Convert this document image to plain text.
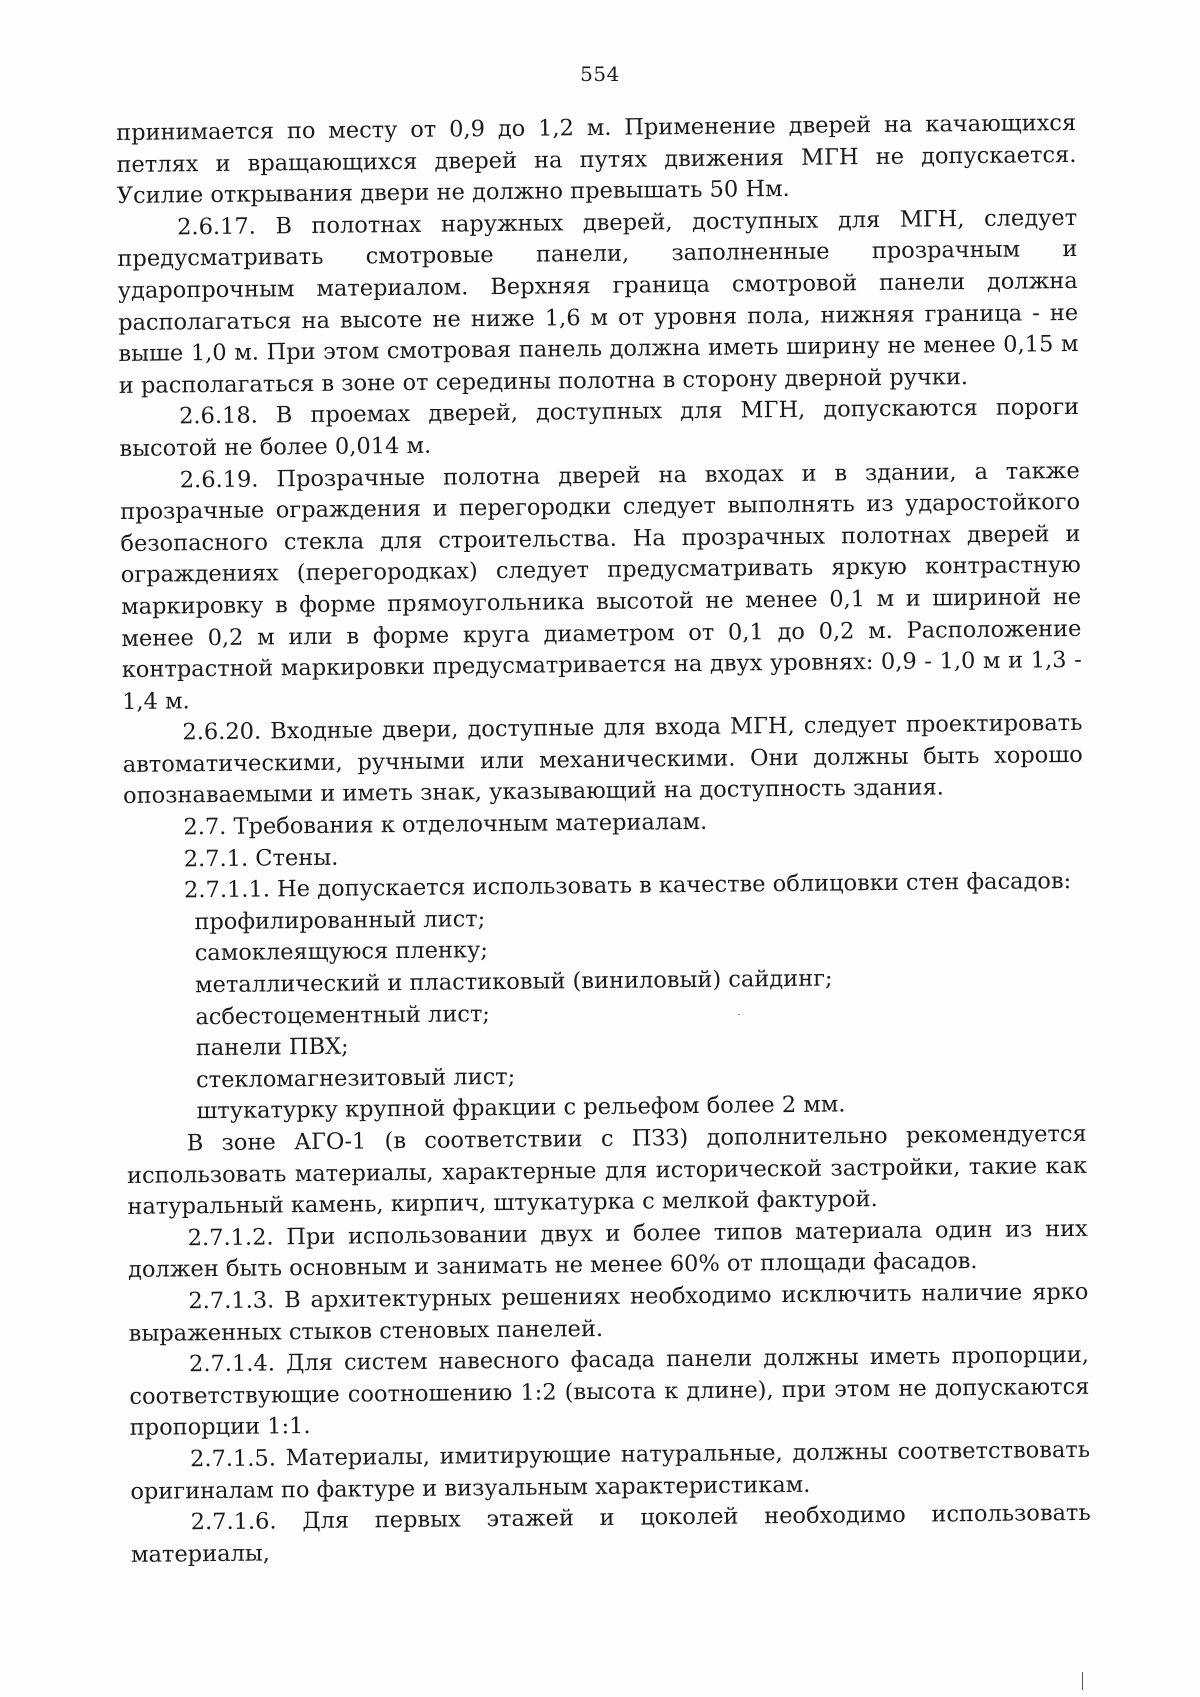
554

принимается по месту от 0,9 до 1,2 м. Применение дверей на качающихся петлях и вращающихся дверей на путях движения МГН не допускается. Усилие открывания двери не должно превышать 50 Нм.

2.6.17. В полотнах наружных дверей, доступных для МГН, следует предусматривать смотровые панели, заполненные прозрачным и ударопрочным материалом. Верхняя граница смотровой панели должна располагаться на высоте не ниже 1,6 м от уровня пола, нижняя граница - не выше 1,0 м. При этом смотровая панель должна иметь ширину не менее 0,15 м и располагаться в зоне от середины полотна в сторону дверной ручки.

2.6.18. В проемах дверей, доступных для МГН, допускаются пороги высотой не более 0,014 м.

2.6.19. Прозрачные полотна дверей на входах и в здании, а также прозрачные ограждения и перегородки следует выполнять из ударостойкого безопасного стекла для строительства. На прозрачных полотнах дверей и ограждениях (перегородках) следует предусматривать яркую контрастную маркировку в форме прямоугольника высотой не менее 0,1 м и шириной не менее 0,2 м или в форме круга диаметром от 0,1 до 0,2 м. Расположение контрастной маркировки предусматривается на двух уровнях: 0,9 - 1,0 м и 1,3 - 1,4 м.

2.6.20. Входные двери, доступные для входа МГН, следует проектировать автоматическими, ручными или механическими. Они должны быть хорошо опознаваемыми и иметь знак, указывающий на доступность здания.

2.7. Требования к отделочным материалам.

2.7.1. Стены.

2.7.1.1. Не допускается использовать в качестве облицовки стен фасадов:

профилированный лист;

самоклеящуюся пленку;

металлический и пластиковый (виниловый) сайдинг;

асбестоцементный лист;

панели ПВХ;

стекломагнезитовый лист;

штукатурку крупной фракции с рельефом более 2 мм.

В зоне АГО-1 (в соответствии с ПЗЗ) дополнительно рекомендуется использовать материалы, характерные для исторической застройки, такие как натуральный камень, кирпич, штукатурка с мелкой фактурой.

2.7.1.2. При использовании двух и более типов материала один из них должен быть основным и занимать не менее 60% от площади фасадов.

2.7.1.3. В архитектурных решениях необходимо исключить наличие ярко выраженных стыков стеновых панелей.

2.7.1.4. Для систем навесного фасада панели должны иметь пропорции, соответствующие соотношению 1:2 (высота к длине), при этом не допускаются пропорции 1:1.

2.7.1.5. Материалы, имитирующие натуральные, должны соответствовать оригиналам по фактуре и визуальным характеристикам.

2.7.1.6. Для первых этажей и цоколей необходимо использовать материалы,
